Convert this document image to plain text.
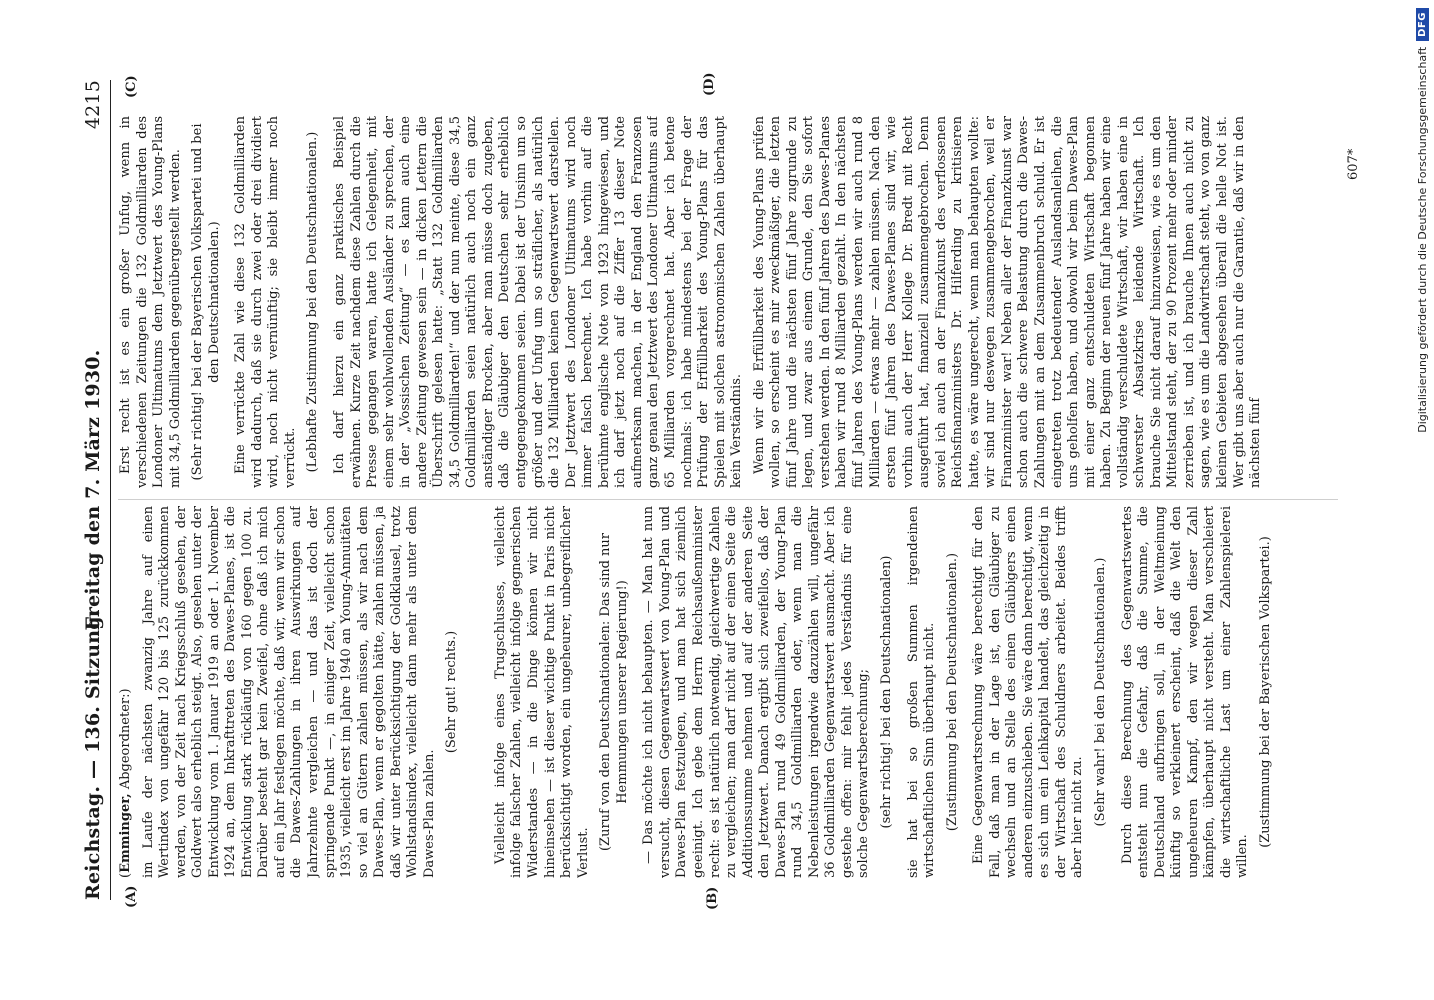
Reichstag. — 136. Sitzung.
Freitag den 7. März 1930.
4215
(A)	(B)
(C)	(D)

(Emminger, Abgeordneter:) im Laufe der nächsten zwanzig Jahre auf einen Wertindex von ungefähr 120 bis 125 zurückkommen werden, von der Zeit nach Kriegsschluß gesehen, der Goldwert also erheblich steigt. Also, gesehen unter der Entwicklung vom 1. Januar 1919 an oder 1. November 1924 an, dem Inkrafttreten des Dawes-Planes, ist die Entwicklung stark rückläufig von 160 gegen 100 zu. Darüber besteht gar kein Zweifel, ohne daß ich mich auf ein Jahr festlegen möchte, daß wir, wenn wir schon die Dawes-Zahlungen in ihren Auswirkungen auf Jahrzehnte vergleichen — und das ist doch der springende Punkt —, in einiger Zeit, vielleicht schon 1935, vielleicht erst im Jahre 1940 an Young-Annuitäten so viel an Gütern zahlen müssen, als wir nach dem Dawes-Plan, wenn er gegolten hätte, zahlen müssen, ja daß wir unter Berücksichtigung der Goldklausel, trotz Wohlstandsindex, vielleicht dann mehr als unter dem Dawes-Plan zahlen.

(Sehr gut! rechts.)	Vielleicht infolge eines Trugschlusses, vielleicht infolge falscher Zahlen, vielleicht infolge gegnerischen Widerstandes — in die Dinge können wir nicht hineinsehen — ist dieser wichtige Punkt in Paris nicht berücksichtigt worden, ein ungeheurer, unbegreiflicher Verlust.

(Zuruf von den Deutschnationalen: Das sind nur Hemmungen unserer Regierung!) — Das möchte ich nicht behaupten. — Man hat nun versucht, diesen Gegenwartswert von Young-Plan und Dawes-Plan festzulegen, und man hat sich ziemlich geeinigt. Ich gebe dem Herrn Reichsaußenminister recht: es ist natürlich notwendig, gleichwertige Zahlen zu vergleichen; man darf nicht auf der einen Seite die Additionssumme nehmen und auf der anderen Seite den Jetztwert. Danach ergibt sich zweifellos, daß der Dawes-Plan rund 49 Goldmilliarden, der Young-Plan rund 34,5 Goldmilliarden oder, wenn man die Nebenleistungen irgendwie dazuzählen will, ungefähr 36 Goldmilliarden Gegenwartswert ausmacht. Aber ich gestehe offen: mir fehlt jedes Verständnis für eine solche Gegenwartsberechnung; (sehr richtig! bei den Deutschnationalen) sie hat bei so großen Summen irgendeinen wirtschaftlichen Sinn überhaupt nicht. (Zustimmung bei den Deutschnationalen.) Eine Gegenwartsrechnung wäre berechtigt für den Fall, daß man in der Lage ist, den Gläubiger zu wechseln und an Stelle des einen Gläubigers einen anderen einzuschieben. Sie wäre dann berechtigt, wenn es sich um ein Leihkapital handelt, das gleichzeitig in der Wirtschaft des Schuldners arbeitet. Beides trifft aber hier nicht zu. (Sehr wahr! bei den Deutschnationalen.) Durch diese Berechnung des Gegenwartswertes entsteht nun die Gefahr, daß die Summe, die Deutschland aufbringen soll, in der Weltmeinung künftig so verkleinert erscheint, daß die Welt den ungeheuren Kampf, den wir wegen dieser Zahl kämpfen, überhaupt nicht versteht. Man verschleiert die wirtschaftliche Last um einer Zahlenspielerei willen.

(Zustimmung bei der Bayerischen Volkspartei.)

Erst recht ist es ein großer Unfug, wenn in verschiedenen Zeitungen die 132 Goldmilliarden des Londoner Ultimatums dem Jetztwert des Young-Plans mit 34,5 Goldmilliarden gegenübergestellt werden. (Sehr richtig! bei der Bayerischen Volkspartei und bei den Deutschnationalen.) Eine verrückte Zahl wie diese 132 Goldmilliarden wird dadurch, daß sie durch zwei oder drei dividiert wird, noch nicht vernünftig; sie bleibt immer noch verrückt. (Lebhafte Zustimmung bei den Deutschnationalen.) Ich darf hierzu ein ganz praktisches Beispiel erwähnen. Kurze Zeit nachdem diese Zahlen durch die Presse gegangen waren, hatte ich Gelegenheit, mit einem sehr wohlwollenden Ausländer zu sprechen, der in der „Vossischen Zeitung“ — es kann auch eine andere Zeitung gewesen sein — in dicken Lettern die Überschrift gelesen hatte: „Statt 132 Goldmilliarden 34,5 Goldmilliarden!“ und der nun meinte, diese 34,5 Goldmilliarden seien natürlich auch noch ein ganz anständiger Brocken, aber man müsse doch zugeben, daß die Gläubiger den Deutschen sehr erheblich entgegengekommen seien. Dabei ist der Unsinn um so größer und der Unfug um so sträflicher, als natürlich die 132 Milliarden keinen Gegenwartswert darstellen. Der Jetztwert des Londoner Ultimatums wird noch immer falsch berechnet. Ich habe vorhin auf die berühmte englische Note von 1923 hingewiesen, und ich darf jetzt noch auf die Ziffer 13 dieser Note aufmerksam machen, in der England den Franzosen ganz genau den Jetztwert des Londoner Ultimatums auf 65 Milliarden vorgerechnet hat. Aber ich betone nochmals: ich habe mindestens bei der Frage der Prüfung der Erfüllbarkeit des Young-Plans für das Spielen mit solchen astronomischen Zahlen überhaupt kein Verständnis. Wenn wir die Erfüllbarkeit des Young-Plans prüfen wollen, so erscheint es mir zweckmäßiger, die letzten fünf Jahre und die nächsten fünf Jahre zugrunde zu legen, und zwar aus einem Grunde, den Sie sofort verstehen werden. In den fünf Jahren des Dawes-Planes haben wir rund 8 Milliarden gezahlt. In den nächsten fünf Jahren des Young-Plans werden wir auch rund 8 Milliarden — etwas mehr — zahlen müssen. Nach den ersten fünf Jahren des Dawes-Planes sind wir, wie vorhin auch der Herr Kollege Dr. Bredt mit Recht ausgeführt hat, finanziell zusammengebrochen. Denn soviel ich auch an der Finanzkunst des verflossenen Reichsfinanzministers Dr. Hilferding zu kritisieren hatte, es wäre ungerecht, wenn man behaupten wollte: wir sind nur deswegen zusammengebrochen, weil er Finanzminister war! Neben aller der Finanzkunst war schon auch die schwere Belastung durch die Dawes-Zahlungen mit an dem Zusammenbruch schuld. Er ist eingetreten trotz bedeutender Auslandsanleihen, die uns geholfen haben, und obwohl wir beim Dawes-Plan mit einer ganz entschuldeten Wirtschaft begonnen haben. Zu Beginn der neuen fünf Jahre haben wir eine vollständig verschuldete Wirtschaft, wir haben eine in schwerster Absatzkrise leidende Wirtschaft. Ich brauche Sie nicht darauf hinzuweisen, wie es um den Mittelstand steht, der zu 90 Prozent mehr oder minder zerrieben ist, und ich brauche Ihnen auch nicht zu sagen, wie es um die Landwirtschaft steht, wo von ganz kleinen Gebieten abgesehen überall die helle Not ist. Wer gibt uns aber auch nur die Garantie, daß wir in den nächsten fünf

607*	Digitalisierung gefördert durch die Deutsche Forschungsgemeinschaft
DFG
